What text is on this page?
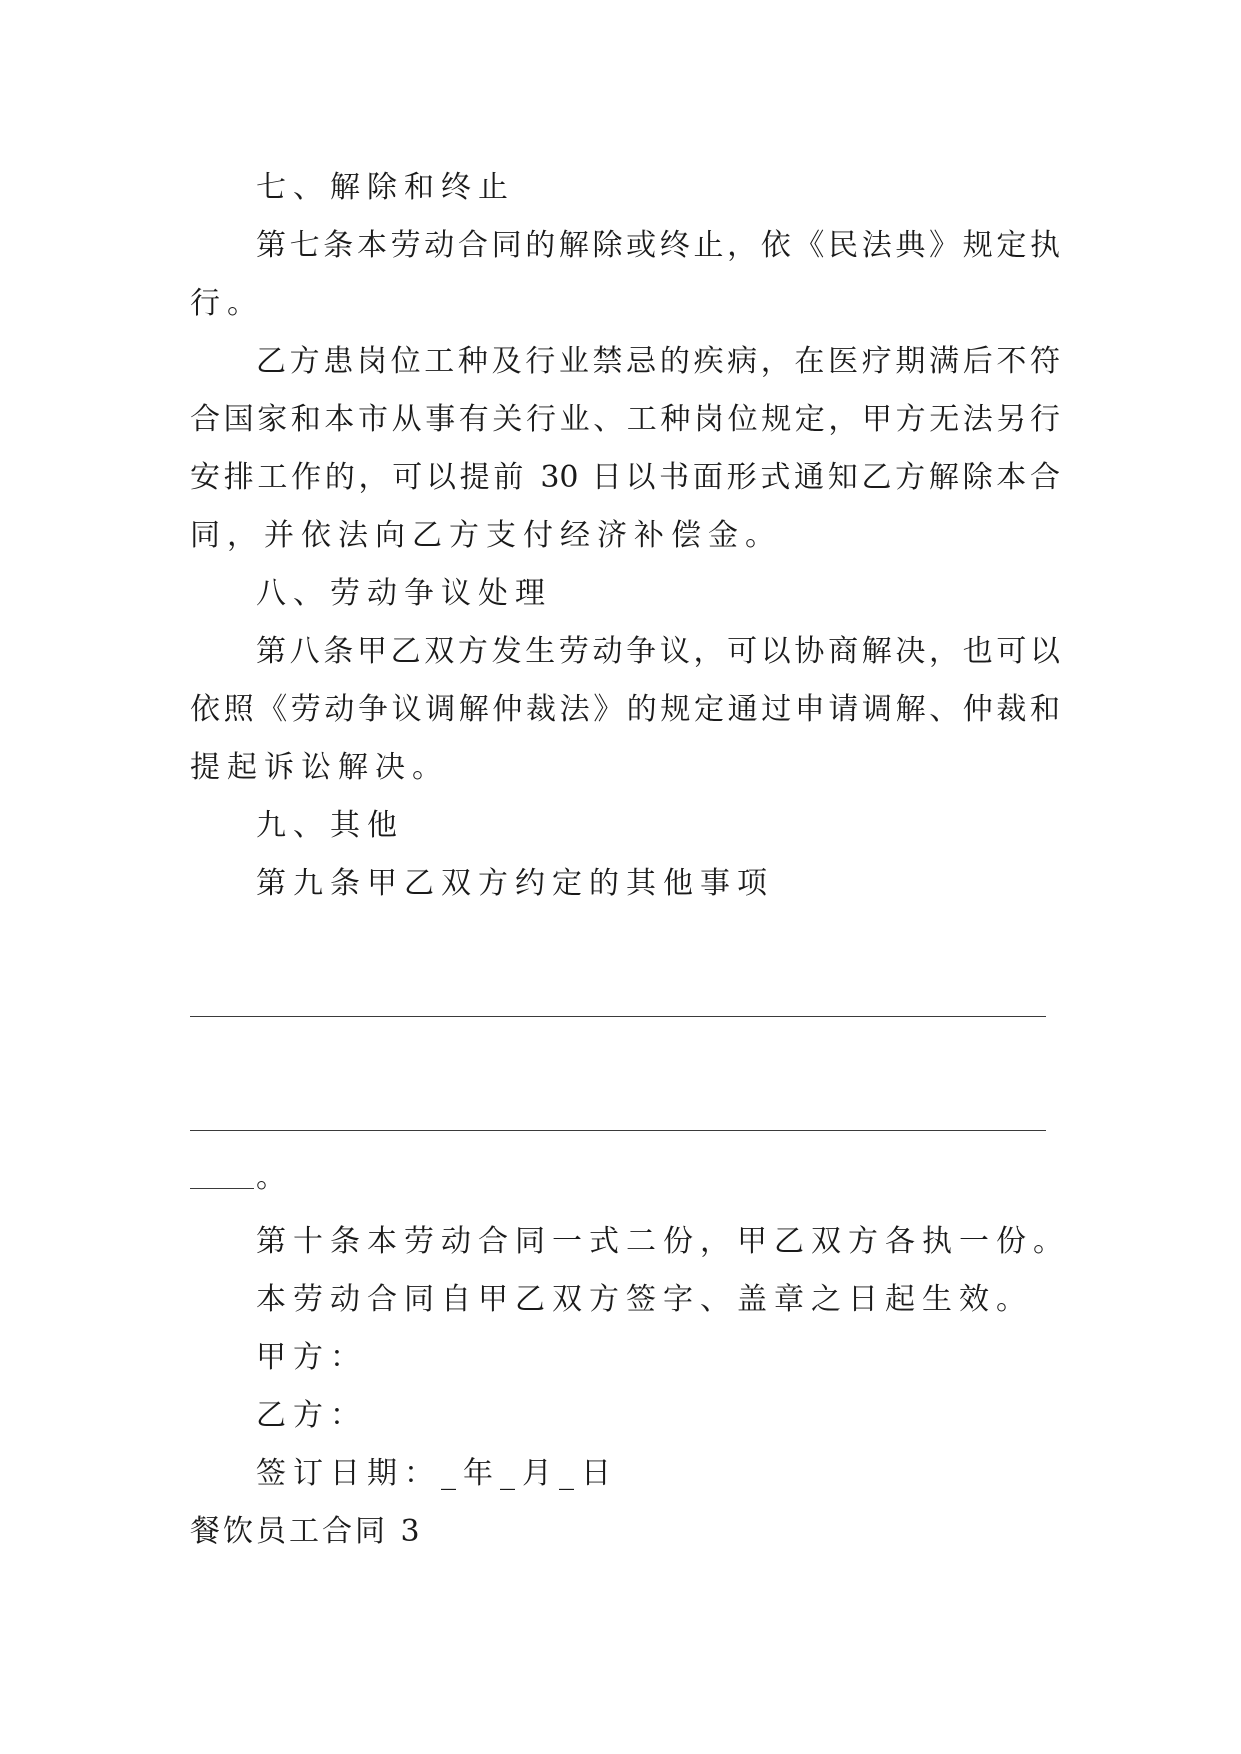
七、解除和终止
第七条本劳动合同的解除或终止，依《民法典》规定执
行。
乙方患岗位工种及行业禁忌的疾病，在医疗期满后不符
合国家和本市从事有关行业、工种岗位规定，甲方无法另行
安排工作的，可以提前 30 日以书面形式通知乙方解除本合
同，并依法向乙方支付经济补偿金。
八、劳动争议处理
第八条甲乙双方发生劳动争议，可以协商解决，也可以
依照《劳动争议调解仲裁法》的规定通过申请调解、仲裁和
提起诉讼解决。
九、其他
第九条甲乙双方约定的其他事项
。
第十条本劳动合同一式二份，甲乙双方各执一份。
本劳动合同自甲乙双方签字、盖章之日起生效。
甲方：
乙方：
签订日期：_年_月_日
餐饮员工合同 3
